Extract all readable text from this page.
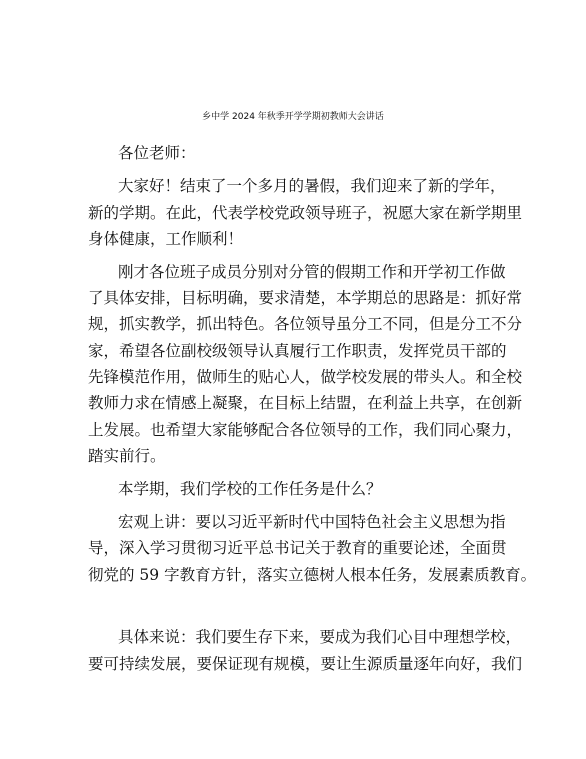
乡中学 2024 年秋季开学学期初教师大会讲话
各位老师：
大家好！结束了一个多月的暑假，我们迎来了新的学年，
新的学期。在此，代表学校党政领导班子，祝愿大家在新学期里
身体健康，工作顺利！
刚才各位班子成员分别对分管的假期工作和开学初工作做
了具体安排，目标明确，要求清楚，本学期总的思路是：抓好常
规，抓实教学，抓出特色。各位领导虽分工不同，但是分工不分
家，希望各位副校级领导认真履行工作职责，发挥党员干部的
先锋模范作用，做师生的贴心人，做学校发展的带头人。和全校
教师力求在情感上凝聚，在目标上结盟，在利益上共享，在创新
上发展。也希望大家能够配合各位领导的工作，我们同心聚力，
踏实前行。
本学期，我们学校的工作任务是什么？
宏观上讲：要以习近平新时代中国特色社会主义思想为指
导，深入学习贯彻习近平总书记关于教育的重要论述，全面贯
彻党的 59 字教育方针，落实立德树人根本任务，发展素质教育。
具体来说：我们要生存下来，要成为我们心目中理想学校，
要可持续发展，要保证现有规模，要让生源质量逐年向好，我们
